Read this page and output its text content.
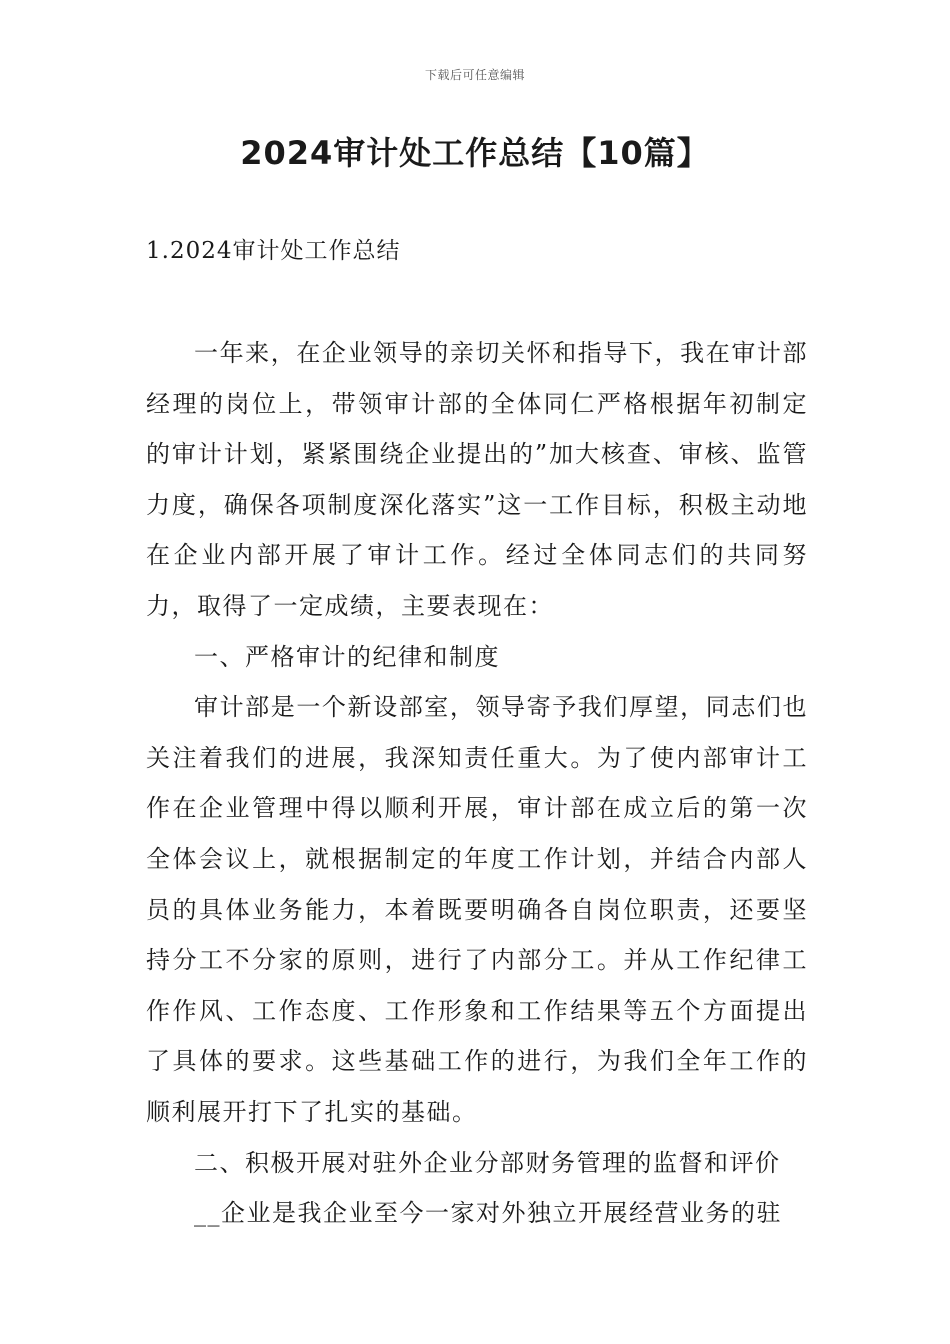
下载后可任意编辑
2024审计处工作总结【10篇】
1.2024审计处工作总结

一年来，在企业领导的亲切关怀和指导下，我在审计部经理的岗位上，带领审计部的全体同仁严格根据年初制定的审计计划，紧紧围绕企业提出的”加大核查、审核、监管力度，确保各项制度深化落实”这一工作目标，积极主动地在企业内部开展了审计工作。经过全体同志们的共同努力，取得了一定成绩，主要表现在：

一、严格审计的纪律和制度

审计部是一个新设部室，领导寄予我们厚望，同志们也关注着我们的进展，我深知责任重大。为了使内部审计工作在企业管理中得以顺利开展，审计部在成立后的第一次全体会议上，就根据制定的年度工作计划，并结合内部人员的具体业务能力，本着既要明确各自岗位职责，还要坚持分工不分家的原则，进行了内部分工。并从工作纪律工作作风、工作态度、工作形象和工作结果等五个方面提出了具体的要求。这些基础工作的进行，为我们全年工作的顺利展开打下了扎实的基础。

二、积极开展对驻外企业分部财务管理的监督和评价

__企业是我企业至今一家对外独立开展经营业务的驻
